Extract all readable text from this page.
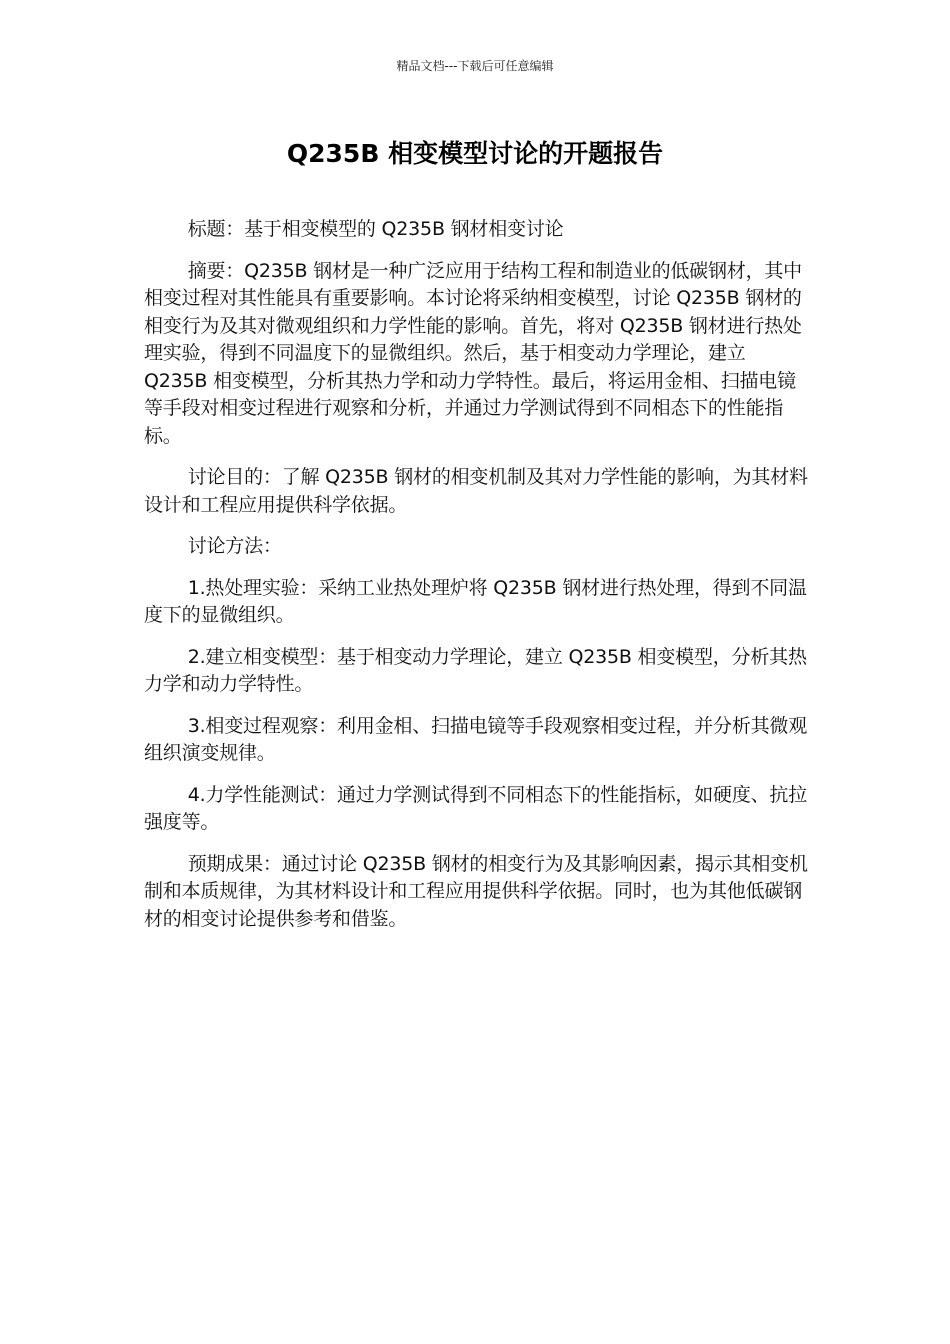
精品文档---下载后可任意编辑
Q235B 相变模型讨论的开题报告

标题：基于相变模型的 Q235B 钢材相变讨论

摘要：Q235B 钢材是一种广泛应用于结构工程和制造业的低碳钢材，其中相变过程对其性能具有重要影响。本讨论将采纳相变模型，讨论 Q235B 钢材的相变行为及其对微观组织和力学性能的影响。首先，将对 Q235B 钢材进行热处理实验，得到不同温度下的显微组织。然后，基于相变动力学理论，建立 Q235B 相变模型，分析其热力学和动力学特性。最后，将运用金相、扫描电镜等手段对相变过程进行观察和分析，并通过力学测试得到不同相态下的性能指标。

讨论目的：了解 Q235B 钢材的相变机制及其对力学性能的影响，为其材料设计和工程应用提供科学依据。

讨论方法：

1.热处理实验：采纳工业热处理炉将 Q235B 钢材进行热处理，得到不同温度下的显微组织。

2.建立相变模型：基于相变动力学理论，建立 Q235B 相变模型，分析其热力学和动力学特性。

3.相变过程观察：利用金相、扫描电镜等手段观察相变过程，并分析其微观组织演变规律。

4.力学性能测试：通过力学测试得到不同相态下的性能指标，如硬度、抗拉强度等。

预期成果：通过讨论 Q235B 钢材的相变行为及其影响因素，揭示其相变机制和本质规律，为其材料设计和工程应用提供科学依据。同时，也为其他低碳钢材的相变讨论提供参考和借鉴。
